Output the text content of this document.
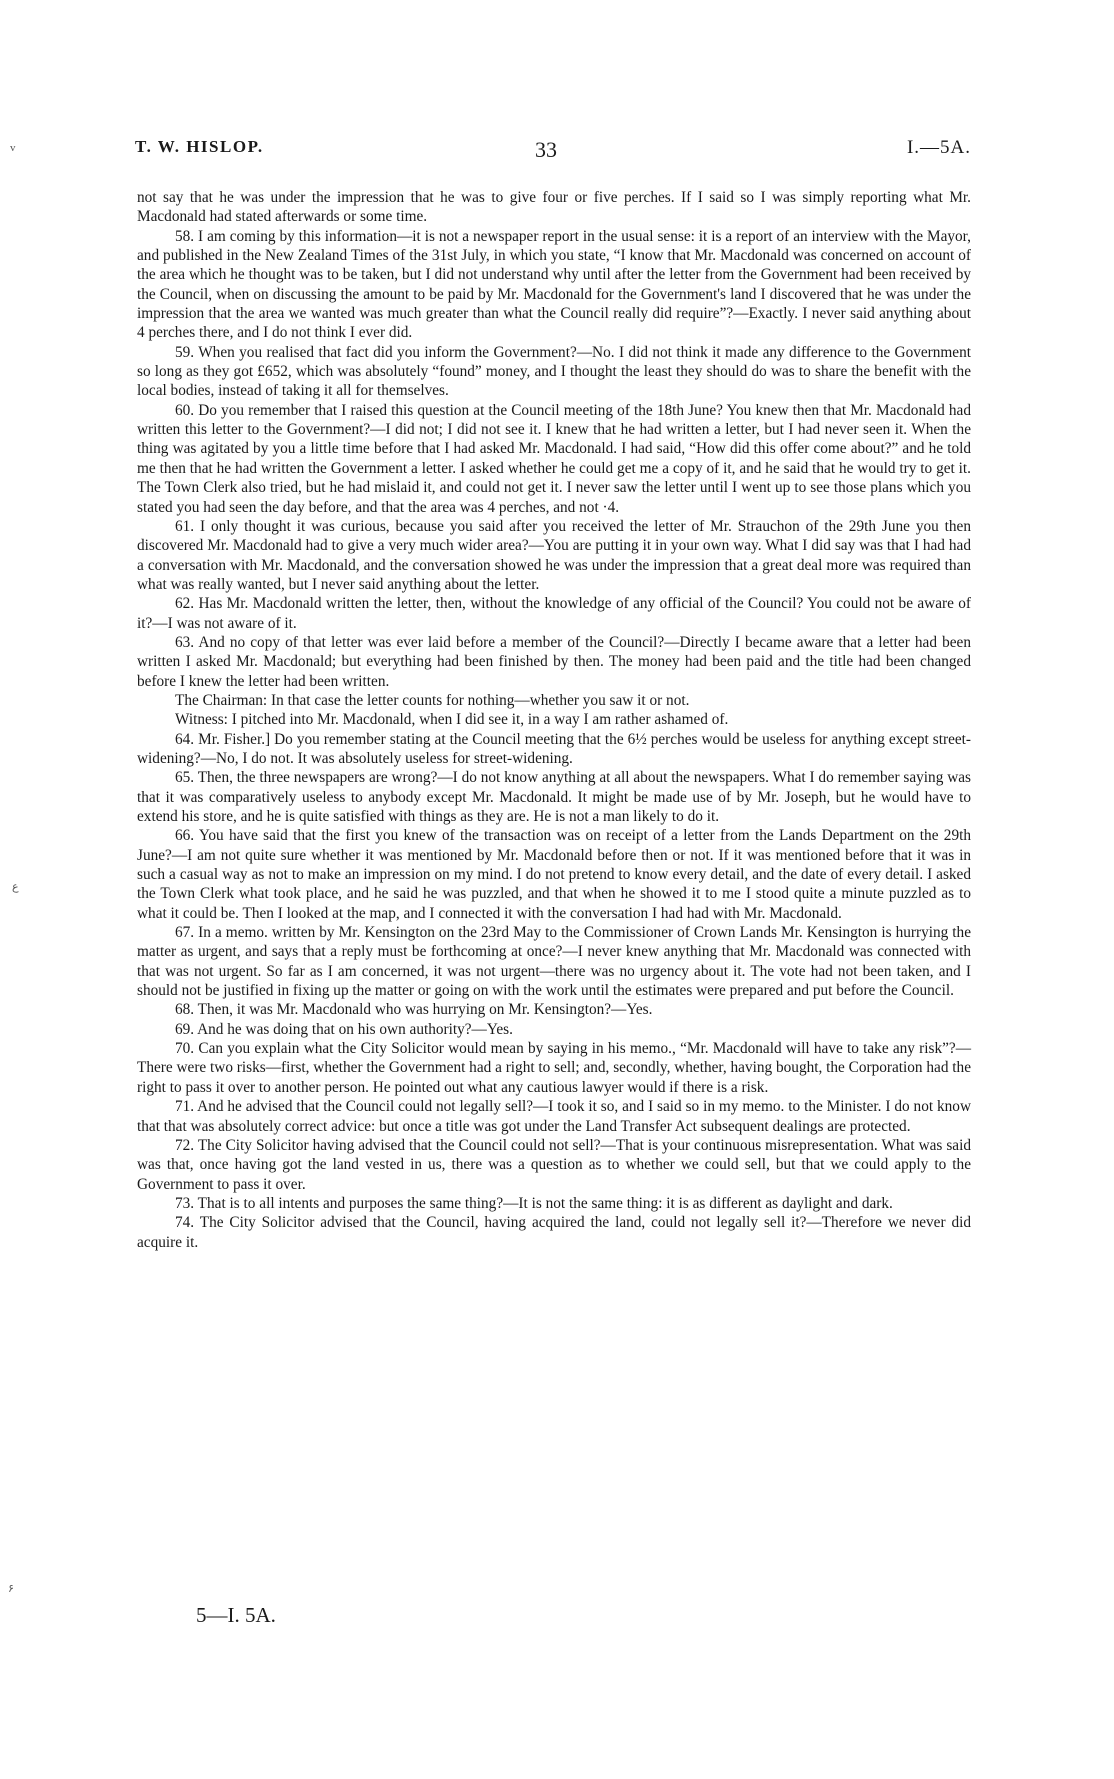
v
ع
۶
T. W. HISLOP.	33	I.—5A.

not say that he was under the impression that he was to give four or five perches. If I said so I was simply reporting what Mr. Macdonald had stated afterwards or some time.

58. I am coming by this information—it is not a newspaper report in the usual sense: it is a report of an interview with the Mayor, and published in the New Zealand Times of the 31st July, in which you state, “I know that Mr. Macdonald was concerned on account of the area which he thought was to be taken, but I did not understand why until after the letter from the Government had been received by the Council, when on discussing the amount to be paid by Mr. Macdonald for the Government's land I discovered that he was under the impression that the area we wanted was much greater than what the Council really did require”?—Exactly. I never said anything about 4 perches there, and I do not think I ever did.

59. When you realised that fact did you inform the Government?—No. I did not think it made any difference to the Government so long as they got £652, which was absolutely “found” money, and I thought the least they should do was to share the benefit with the local bodies, instead of taking it all for themselves.

60. Do you remember that I raised this question at the Council meeting of the 18th June? You knew then that Mr. Macdonald had written this letter to the Government?—I did not; I did not see it. I knew that he had written a letter, but I had never seen it. When the thing was agitated by you a little time before that I had asked Mr. Macdonald. I had said, “How did this offer come about?” and he told me then that he had written the Government a letter. I asked whether he could get me a copy of it, and he said that he would try to get it. The Town Clerk also tried, but he had mislaid it, and could not get it. I never saw the letter until I went up to see those plans which you stated you had seen the day before, and that the area was 4 perches, and not ·4.

61. I only thought it was curious, because you said after you received the letter of Mr. Strauchon of the 29th June you then discovered Mr. Macdonald had to give a very much wider area?—You are putting it in your own way. What I did say was that I had had a conversation with Mr. Macdonald, and the conversation showed he was under the impression that a great deal more was required than what was really wanted, but I never said anything about the letter.

62. Has Mr. Macdonald written the letter, then, without the knowledge of any official of the Council? You could not be aware of it?—I was not aware of it.

63. And no copy of that letter was ever laid before a member of the Council?—Directly I became aware that a letter had been written I asked Mr. Macdonald; but everything had been finished by then. The money had been paid and the title had been changed before I knew the letter had been written.

The Chairman: In that case the letter counts for nothing—whether you saw it or not.

Witness: I pitched into Mr. Macdonald, when I did see it, in a way I am rather ashamed of.

64. Mr. Fisher.] Do you remember stating at the Council meeting that the 6½ perches would be useless for anything except street-widening?—No, I do not. It was absolutely useless for street-widening.

65. Then, the three newspapers are wrong?—I do not know anything at all about the newspapers. What I do remember saying was that it was comparatively useless to anybody except Mr. Macdonald. It might be made use of by Mr. Joseph, but he would have to extend his store, and he is quite satisfied with things as they are. He is not a man likely to do it.

66. You have said that the first you knew of the transaction was on receipt of a letter from the Lands Department on the 29th June?—I am not quite sure whether it was mentioned by Mr. Macdonald before then or not. If it was mentioned before that it was in such a casual way as not to make an impression on my mind. I do not pretend to know every detail, and the date of every detail. I asked the Town Clerk what took place, and he said he was puzzled, and that when he showed it to me I stood quite a minute puzzled as to what it could be. Then I looked at the map, and I connected it with the conversation I had had with Mr. Macdonald.

67. In a memo. written by Mr. Kensington on the 23rd May to the Commissioner of Crown Lands Mr. Kensington is hurrying the matter as urgent, and says that a reply must be forthcoming at once?—I never knew anything that Mr. Macdonald was connected with that was not urgent. So far as I am concerned, it was not urgent—there was no urgency about it. The vote had not been taken, and I should not be justified in fixing up the matter or going on with the work until the estimates were prepared and put before the Council.

68. Then, it was Mr. Macdonald who was hurrying on Mr. Kensington?—Yes.

69. And he was doing that on his own authority?—Yes.

70. Can you explain what the City Solicitor would mean by saying in his memo., “Mr. Macdonald will have to take any risk”?—There were two risks—first, whether the Government had a right to sell; and, secondly, whether, having bought, the Corporation had the right to pass it over to another person. He pointed out what any cautious lawyer would if there is a risk.

71. And he advised that the Council could not legally sell?—I took it so, and I said so in my memo. to the Minister. I do not know that that was absolutely correct advice: but once a title was got under the Land Transfer Act subsequent dealings are protected.

72. The City Solicitor having advised that the Council could not sell?—That is your continuous misrepresentation. What was said was that, once having got the land vested in us, there was a question as to whether we could sell, but that we could apply to the Government to pass it over.

73. That is to all intents and purposes the same thing?—It is not the same thing: it is as different as daylight and dark.

74. The City Solicitor advised that the Council, having acquired the land, could not legally sell it?—Therefore we never did acquire it.

5—I. 5A.
